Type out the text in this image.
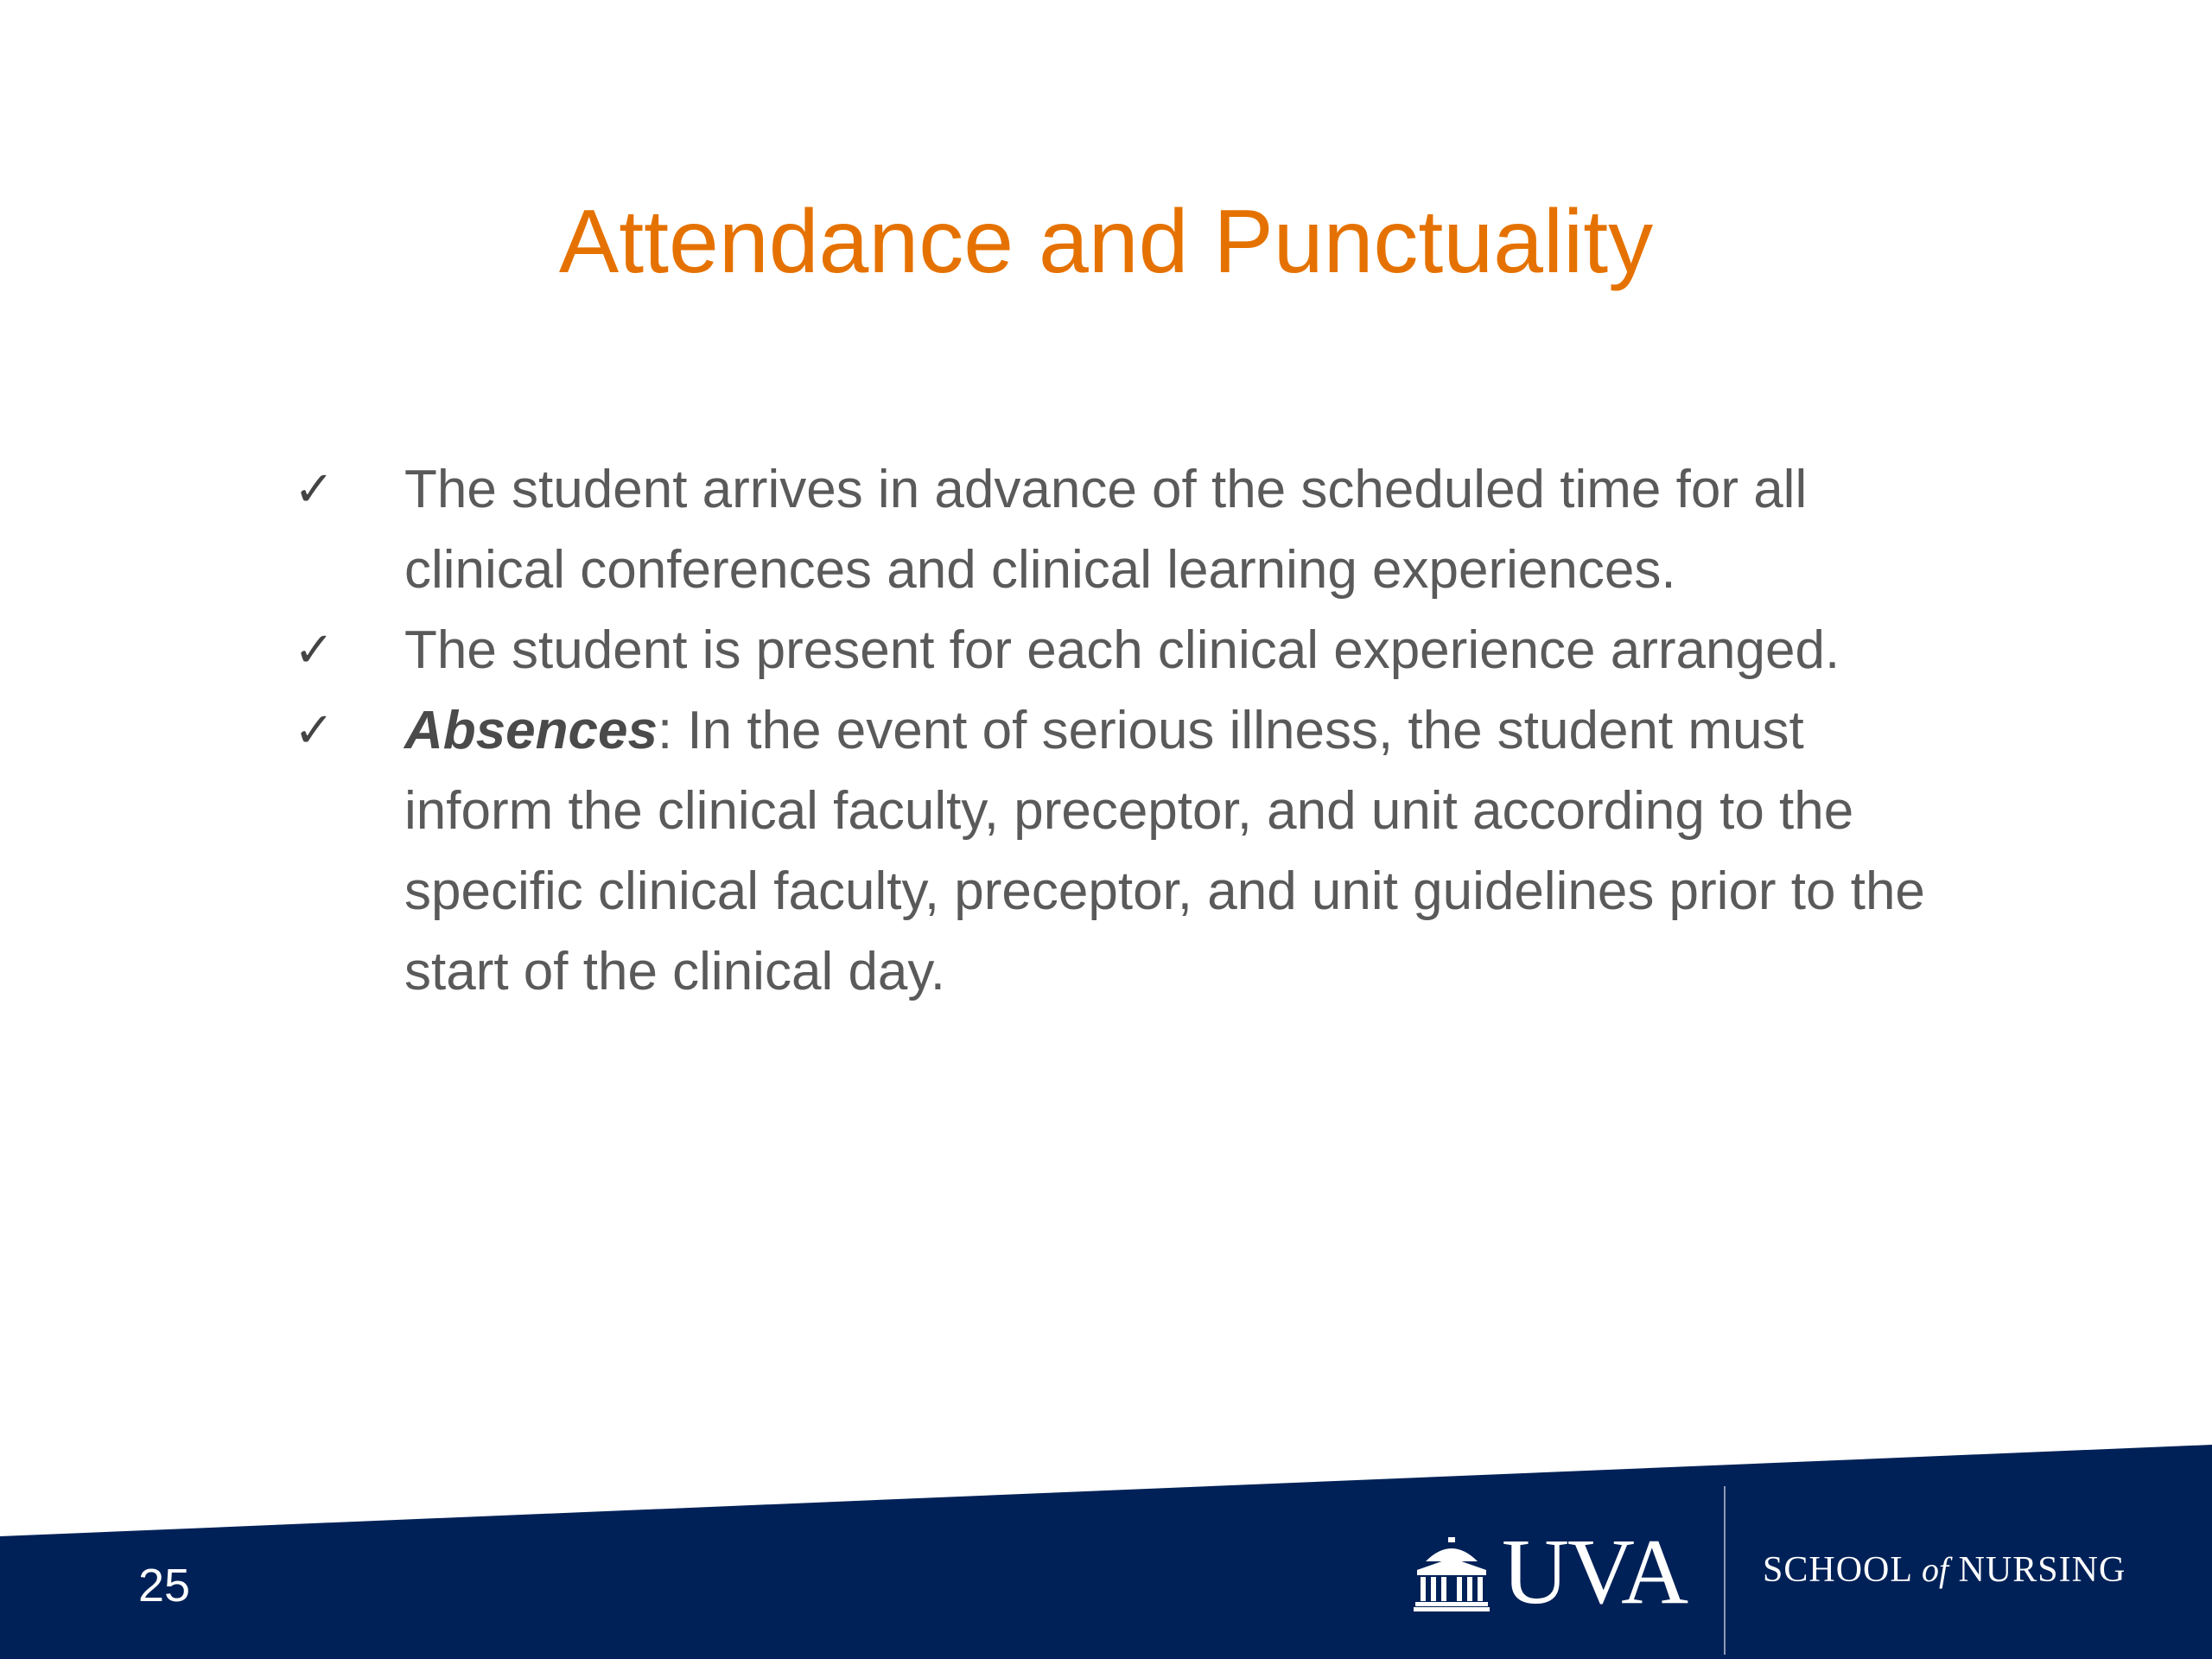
Attendance and Punctuality
✓ The student arrives in advance of the scheduled time for all clinical conferences and clinical learning experiences.
✓ The student is present for each clinical experience arranged.
✓ Absences: In the event of serious illness, the student must inform the clinical faculty, preceptor, and unit according to the specific clinical faculty, preceptor, and unit guidelines prior to the start of the clinical day.
25	UVA SCHOOL of NURSING
